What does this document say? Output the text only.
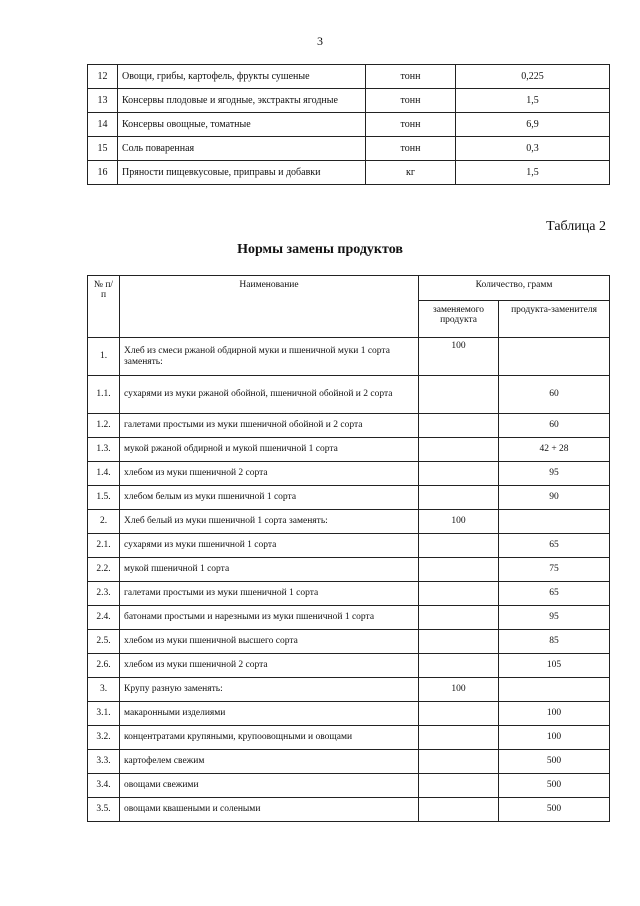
3
12	Овощи, грибы, картофель, фрукты сушеные	тонн	0,225
13	Консервы плодовые и ягодные, экстракты ягодные	тонн	1,5
14	Консервы овощные, томатные	тонн	6,9
15	Соль поваренная	тонн	0,3
16	Пряности пищевкусовые, приправы и добавки	кг	1,5
Таблица 2
Нормы замены продуктов
№ п/п	Наименование	Количество, грамм	
		заменяемого продукта	продукта-заменителя
1.	Хлеб из смеси ржаной обдирной муки и пшеничной муки 1 сорта заменять:	100	
1.1.	сухарями из муки ржаной обойной, пшеничной обойной и 2 сорта		60
1.2.	галетами простыми из муки пшеничной обойной и 2 сорта		60
1.3.	мукой ржаной обдирной и мукой пшеничной 1 сорта		42 + 28
1.4.	хлебом из муки пшеничной 2 сорта		95
1.5.	хлебом белым из муки пшеничной 1 сорта		90
2.	Хлеб белый из муки пшеничной 1 сорта заменять:	100	
2.1.	сухарями из муки пшеничной 1 сорта		65
2.2.	мукой пшеничной 1 сорта		75
2.3.	галетами простыми из муки пшеничной 1 сорта		65
2.4.	батонами простыми и нарезными из муки пшеничной 1 сорта		95
2.5.	хлебом из муки пшеничной высшего сорта		85
2.6.	хлебом из муки пшеничной 2 сорта		105
3.	Крупу разную заменять:	100	
3.1.	макаронными изделиями		100
3.2.	концентратами крупяными, крупоовощными и овощами		100
3.3.	картофелем свежим		500
3.4.	овощами свежими		500
3.5.	овощами квашеными и солеными		500
